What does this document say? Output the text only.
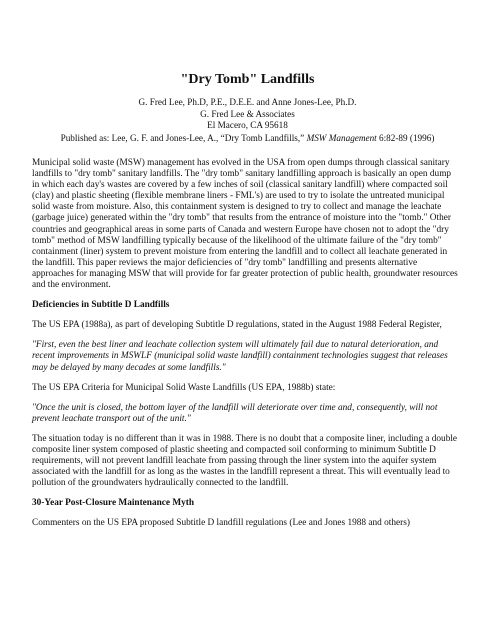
"Dry Tomb" Landfills
G. Fred Lee, Ph.D, P.E., D.E.E. and Anne Jones-Lee, Ph.D.
G. Fred Lee & Associates
El Macero, CA 95618
Published as: Lee, G. F. and Jones-Lee, A., “Dry Tomb Landfills,” MSW Management 6:82-89 (1996)

Municipal solid waste (MSW) management has evolved in the USA from open dumps through classical sanitary landfills to "dry tomb" sanitary landfills. The "dry tomb" sanitary landfilling approach is basically an open dump in which each day's wastes are covered by a few inches of soil (classical sanitary landfill) where compacted soil (clay) and plastic sheeting (flexible membrane liners - FML's) are used to try to isolate the untreated municipal solid waste from moisture. Also, this containment system is designed to try to collect and manage the leachate (garbage juice) generated within the "dry tomb" that results from the entrance of moisture into the "tomb." Other countries and geographical areas in some parts of Canada and western Europe have chosen not to adopt the "dry tomb" method of MSW landfilling typically because of the likelihood of the ultimate failure of the "dry tomb" containment (liner) system to prevent moisture from entering the landfill and to collect all leachate generated in the landfill. This paper reviews the major deficiencies of "dry tomb" landfilling and presents alternative approaches for managing MSW that will provide for far greater protection of public health, groundwater resources and the environment.

Deficiencies in Subtitle D Landfills

The US EPA (1988a), as part of developing Subtitle D regulations, stated in the August 1988 Federal Register,

"First, even the best liner and leachate collection system will ultimately fail due to natural deterioration, and recent improvements in MSWLF (municipal solid waste landfill) containment technologies suggest that releases may be delayed by many decades at some landfills."

The US EPA Criteria for Municipal Solid Waste Landfills (US EPA, 1988b) state:

"Once the unit is closed, the bottom layer of the landfill will deteriorate over time and, consequently, will not prevent leachate transport out of the unit."

The situation today is no different than it was in 1988. There is no doubt that a composite liner, including a double composite liner system composed of plastic sheeting and compacted soil conforming to minimum Subtitle D requirements, will not prevent landfill leachate from passing through the liner system into the aquifer system associated with the landfill for as long as the wastes in the landfill represent a threat. This will eventually lead to pollution of the groundwaters hydraulically connected to the landfill.

30-Year Post-Closure Maintenance Myth

Commenters on the US EPA proposed Subtitle D landfill regulations (Lee and Jones 1988 and others)
